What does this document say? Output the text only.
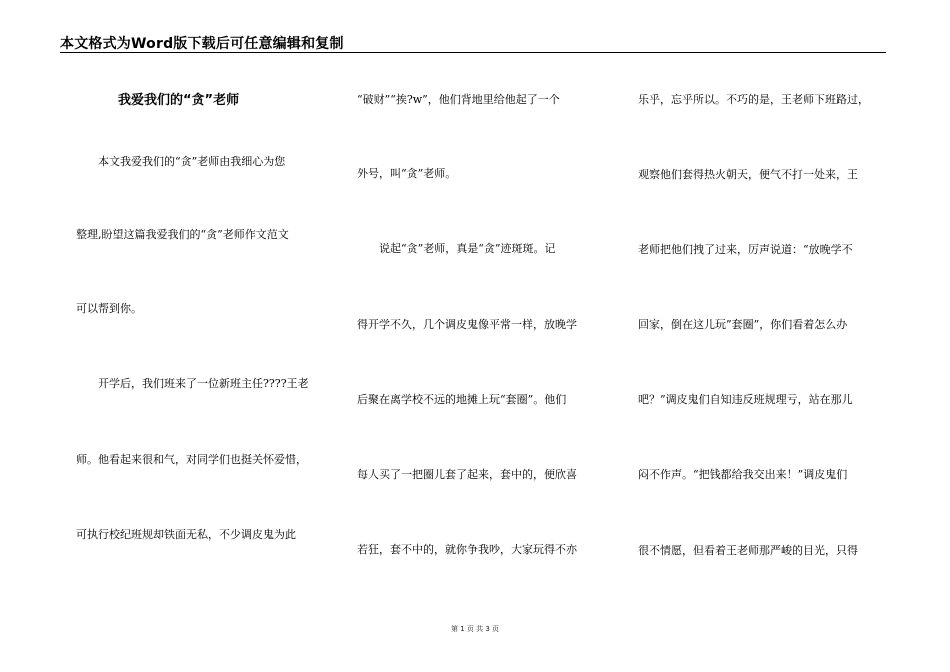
本文格式为Word版下载后可任意编辑和复制
我爱我们的“贪”老师
　　本文我爱我们的“贪”老师由我细心为您
整理,盼望这篇我爱我们的“贪”老师作文范文
可以帮到你。
　　开学后，我们班来了一位新班主任????王老
师。他看起来很和气，对同学们也挺关怀爱惜，
可执行校纪班规却铁面无私，不少调皮鬼为此
“破财”“挨?w”，他们背地里给他起了一个
外号，叫“贪”老师。
　　说起“贪”老师，真是“贪”迹斑斑。记
得开学不久，几个调皮鬼像平常一样，放晚学
后聚在离学校不远的地摊上玩“套圈”。他们
每人买了一把圈儿套了起来，套中的，便欣喜
若狂，套不中的，就你争我吵，大家玩得不亦
乐乎，忘乎所以。不巧的是，王老师下班路过，
观察他们套得热火朝天，便气不打一处来，王
老师把他们拽了过来，厉声说道：“放晚学不
回家，倒在这儿玩”套圈”，你们看着怎么办
吧？”调皮鬼们自知违反班规理亏，站在那儿
闷不作声。“把钱都给我交出来！”调皮鬼们
很不情愿，但看着王老师那严峻的目光，只得
第 1 页 共 3 页
